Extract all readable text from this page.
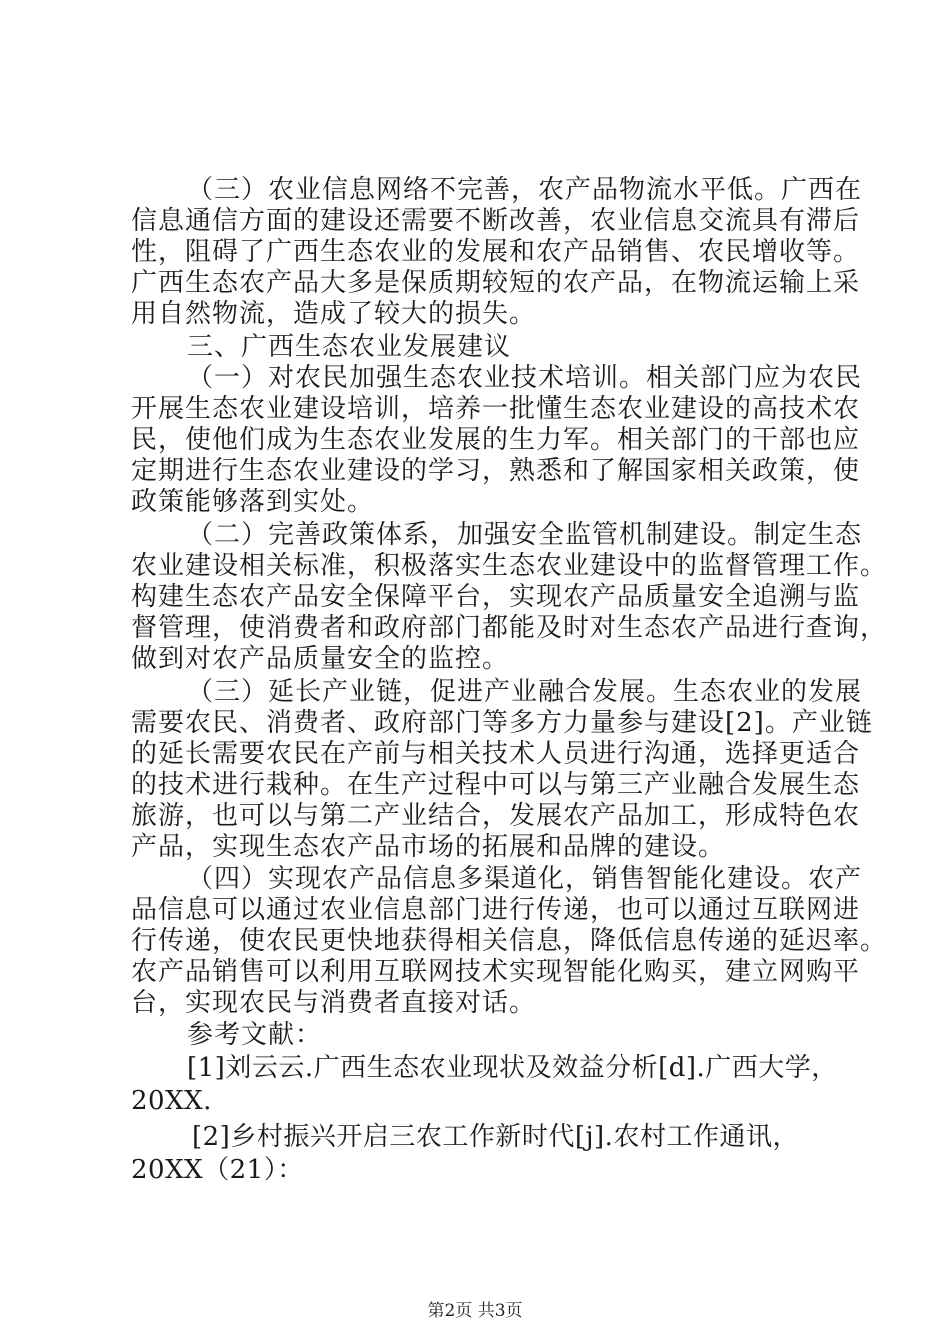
（三）农业信息网络不完善，农产品物流水平低。广西在
信息通信方面的建设还需要不断改善，农业信息交流具有滞后
性，阻碍了广西生态农业的发展和农产品销售、农民增收等。
广西生态农产品大多是保质期较短的农产品，在物流运输上采
用自然物流，造成了较大的损失。
三、广西生态农业发展建议
（一）对农民加强生态农业技术培训。相关部门应为农民
开展生态农业建设培训，培养一批懂生态农业建设的高技术农
民，使他们成为生态农业发展的生力军。相关部门的干部也应
定期进行生态农业建设的学习，熟悉和了解国家相关政策，使
政策能够落到实处。
（二）完善政策体系，加强安全监管机制建设。制定生态
农业建设相关标准，积极落实生态农业建设中的监督管理工作。
构建生态农产品安全保障平台，实现农产品质量安全追溯与监
督管理，使消费者和政府部门都能及时对生态农产品进行查询，
做到对农产品质量安全的监控。
（三）延长产业链，促进产业融合发展。生态农业的发展
需要农民、消费者、政府部门等多方力量参与建设[2]。产业链
的延长需要农民在产前与相关技术人员进行沟通，选择更适合
的技术进行栽种。在生产过程中可以与第三产业融合发展生态
旅游，也可以与第二产业结合，发展农产品加工，形成特色农
产品，实现生态农产品市场的拓展和品牌的建设。
（四）实现农产品信息多渠道化，销售智能化建设。农产
品信息可以通过农业信息部门进行传递，也可以通过互联网进
行传递，使农民更快地获得相关信息，降低信息传递的延迟率。
农产品销售可以利用互联网技术实现智能化购买，建立网购平
台，实现农民与消费者直接对话。
参考文献：
[1]刘云云.广西生态农业现状及效益分析[d].广西大学，
20XX.
[2]乡村振兴开启三农工作新时代[j].农村工作通讯，
20XX（21）：
第2页 共3页
